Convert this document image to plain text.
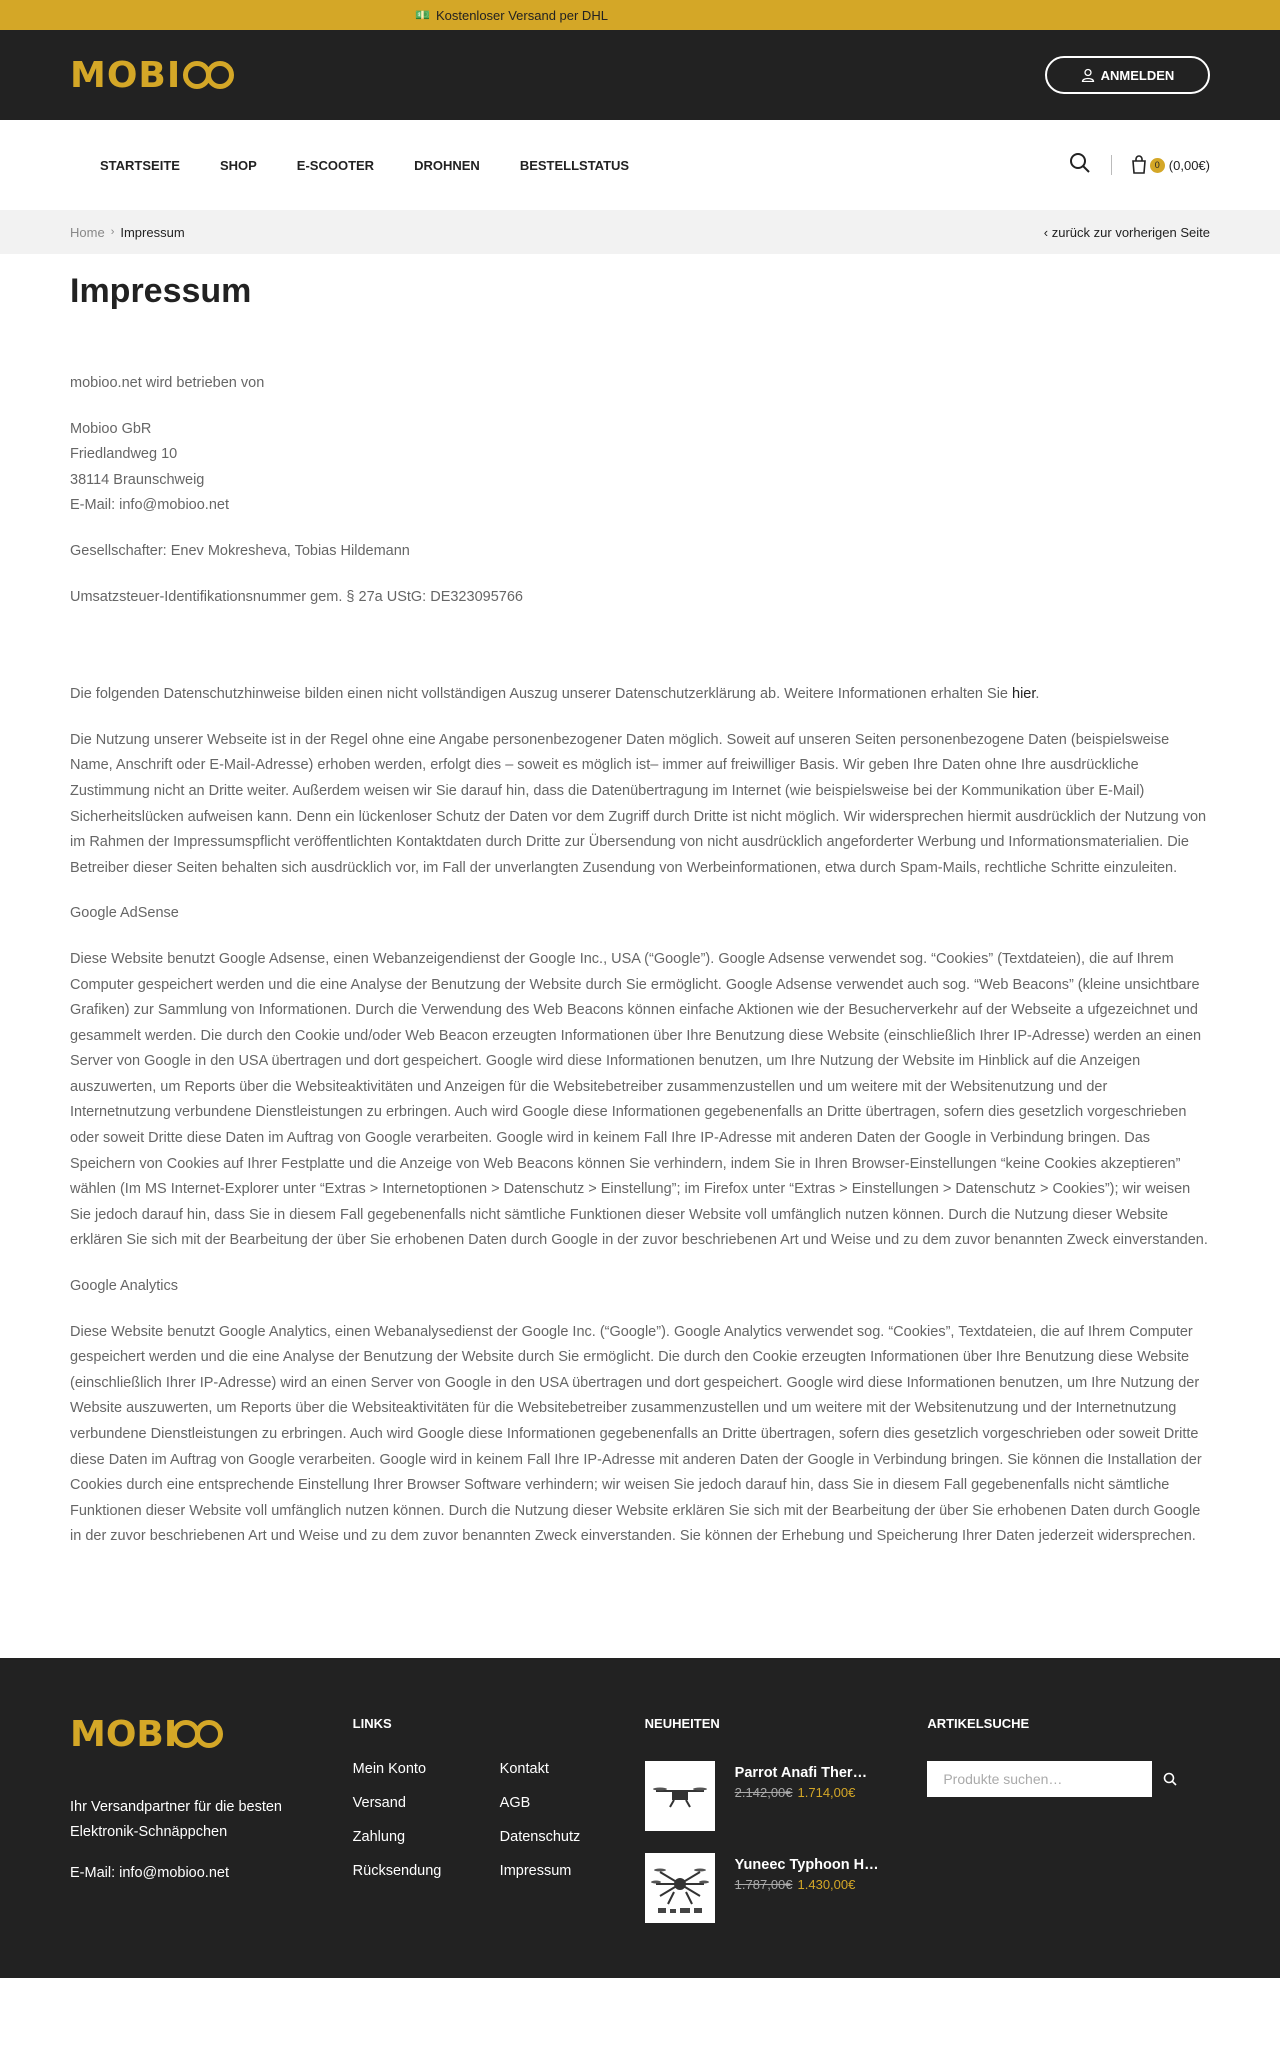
💵 Kostenloser Versand per DHL
MOBI	ANMELDEN
STARTSEITE	SHOP	E-SCOOTER	DROHNEN	BESTELLSTATUS	0 (0,00€)
Home › Impressum	‹ zurück zur vorherigen Seite
Impressum

mobioo.net wird betrieben von

Mobioo GbR
Friedlandweg 10
38114 Braunschweig
E-Mail: info@mobioo.net

Gesellschafter: Enev Mokresheva, Tobias Hildemann

Umsatzsteuer-Identifikationsnummer gem. § 27a UStG: DE323095766

Die folgenden Datenschutzhinweise bilden einen nicht vollständigen Auszug unserer Datenschutzerklärung ab. Weitere Informationen erhalten Sie hier.

Die Nutzung unserer Webseite ist in der Regel ohne eine Angabe personenbezogener Daten möglich. Soweit auf unseren Seiten personenbezogene Daten (beispielsweise Name, Anschrift oder E-Mail-Adresse) erhoben werden, erfolgt dies – soweit es möglich ist– immer auf freiwilliger Basis. Wir geben Ihre Daten ohne Ihre ausdrückliche Zustimmung nicht an Dritte weiter. Außerdem weisen wir Sie darauf hin, dass die Datenübertragung im Internet (wie beispielsweise bei der Kommunikation über E-Mail) Sicherheitslücken aufweisen kann. Denn ein lückenloser Schutz der Daten vor dem Zugriff durch Dritte ist nicht möglich. Wir widersprechen hiermit ausdrücklich der Nutzung von im Rahmen der Impressumspflicht veröffentlichten Kontaktdaten durch Dritte zur Übersendung von nicht ausdrücklich angeforderter Werbung und Informationsmaterialien. Die Betreiber dieser Seiten behalten sich ausdrücklich vor, im Fall der unverlangten Zusendung von Werbeinformationen, etwa durch Spam-Mails, rechtliche Schritte einzuleiten.

Google AdSense

Diese Website benutzt Google Adsense, einen Webanzeigendienst der Google Inc., USA (“Google”). Google Adsense verwendet sog. “Cookies” (Textdateien), die auf Ihrem Computer gespeichert werden und die eine Analyse der Benutzung der Website durch Sie ermöglicht. Google Adsense verwendet auch sog. “Web Beacons” (kleine unsichtbare Grafiken) zur Sammlung von Informationen. Durch die Verwendung des Web Beacons können einfache Aktionen wie der Besucherverkehr auf der Webseite a ufgezeichnet und gesammelt werden. Die durch den Cookie und/oder Web Beacon erzeugten Informationen über Ihre Benutzung diese Website (einschließlich Ihrer IP-Adresse) werden an einen Server von Google in den USA übertragen und dort gespeichert. Google wird diese Informationen benutzen, um Ihre Nutzung der Website im Hinblick auf die Anzeigen auszuwerten, um Reports über die Websiteaktivitäten und Anzeigen für die Websitebetreiber zusammenzustellen und um weitere mit der Websitenutzung und der Internetnutzung verbundene Dienstleistungen zu erbringen. Auch wird Google diese Informationen gegebenenfalls an Dritte übertragen, sofern dies gesetzlich vorgeschrieben oder soweit Dritte diese Daten im Auftrag von Google verarbeiten. Google wird in keinem Fall Ihre IP-Adresse mit anderen Daten der Google in Verbindung bringen. Das Speichern von Cookies auf Ihrer Festplatte und die Anzeige von Web Beacons können Sie verhindern, indem Sie in Ihren Browser-Einstellungen “keine Cookies akzeptieren” wählen (Im MS Internet-Explorer unter “Extras > Internetoptionen > Datenschutz > Einstellung”; im Firefox unter “Extras > Einstellungen > Datenschutz > Cookies”); wir weisen Sie jedoch darauf hin, dass Sie in diesem Fall gegebenenfalls nicht sämtliche Funktionen dieser Website voll umfänglich nutzen können. Durch die Nutzung dieser Website erklären Sie sich mit der Bearbeitung der über Sie erhobenen Daten durch Google in der zuvor beschriebenen Art und Weise und zu dem zuvor benannten Zweck einverstanden.

Google Analytics

Diese Website benutzt Google Analytics, einen Webanalysedienst der Google Inc. (“Google”). Google Analytics verwendet sog. “Cookies”, Textdateien, die auf Ihrem Computer gespeichert werden und die eine Analyse der Benutzung der Website durch Sie ermöglicht. Die durch den Cookie erzeugten Informationen über Ihre Benutzung diese Website (einschließlich Ihrer IP-Adresse) wird an einen Server von Google in den USA übertragen und dort gespeichert. Google wird diese Informationen benutzen, um Ihre Nutzung der Website auszuwerten, um Reports über die Websiteaktivitäten für die Websitebetreiber zusammenzustellen und um weitere mit der Websitenutzung und der Internetnutzung verbundene Dienstleistungen zu erbringen. Auch wird Google diese Informationen gegebenenfalls an Dritte übertragen, sofern dies gesetzlich vorgeschrieben oder soweit Dritte diese Daten im Auftrag von Google verarbeiten. Google wird in keinem Fall Ihre IP-Adresse mit anderen Daten der Google in Verbindung bringen. Sie können die Installation der Cookies durch eine entsprechende Einstellung Ihrer Browser Software verhindern; wir weisen Sie jedoch darauf hin, dass Sie in diesem Fall gegebenenfalls nicht sämtliche Funktionen dieser Website voll umfänglich nutzen können. Durch die Nutzung dieser Website erklären Sie sich mit der Bearbeitung der über Sie erhobenen Daten durch Google in der zuvor beschriebenen Art und Weise und zu dem zuvor benannten Zweck einverstanden. Sie können der Erhebung und Speicherung Ihrer Daten jederzeit widersprechen.

MOBI
Ihr Versandpartner für die besten Elektronik-Schnäppchen
E-Mail: info@mobioo.net
LINKS
Mein Konto	Kontakt
Versand	AGB
Zahlung	Datenschutz
Rücksendung	Impressum
NEUHEITEN
Parrot Anafi Ther…
2.142,00€ 1.714,00€
Yuneec Typhoon H…
1.787,00€ 1.430,00€
ARTIKELSUCHE
Produkte suchen…
